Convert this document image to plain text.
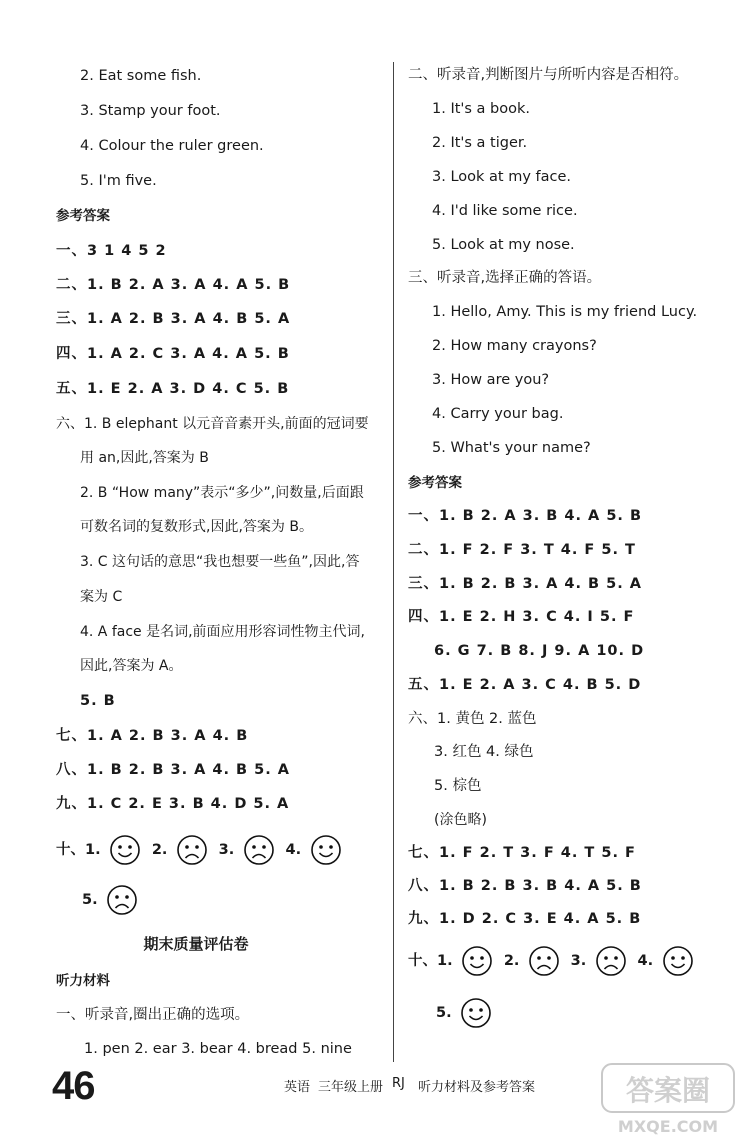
2. Eat some fish.
3. Stamp your foot.
4. Colour the ruler green.
5. I'm five.
参考答案
一、3 1 4 5 2
二、1. B 2. A 3. A 4. A 5. B
三、1. A 2. B 3. A 4. B 5. A
四、1. A 2. C 3. A 4. A 5. B
五、1. E 2. A 3. D 4. C 5. B
六、1. B elephant 以元音音素开头,前面的冠词要
用 an,因此,答案为 B
2. B “How many”表示“多少”,问数量,后面跟
可数名词的复数形式,因此,答案为 B。
3. C 这句话的意思“我也想要一些鱼”,因此,答
案为 C
4. A face 是名词,前面应用形容词性物主代词,
因此,答案为 A。
5. B
七、1. A 2. B 3. A 4. B
八、1. B 2. B 3. A 4. B 5. A
九、1. C 2. E 3. B 4. D 5. A
十、1.	2.	3.	4.
5.
期末质量评估卷
听力材料
一、听录音,圈出正确的选项。
1. pen 2. ear 3. bear 4. bread 5. nine
二、听录音,判断图片与所听内容是否相符。
1. It's a book.
2. It's a tiger.
3. Look at my face.
4. I'd like some rice.
5. Look at my nose.
三、听录音,选择正确的答语。
1. Hello, Amy. This is my friend Lucy.
2. How many crayons?
3. How are you?
4. Carry your bag.
5. What's your name?
参考答案
一、1. B 2. A 3. B 4. A 5. B
二、1. F 2. F 3. T 4. F 5. T
三、1. B 2. B 3. A 4. B 5. A
四、1. E 2. H 3. C 4. I 5. F
6. G 7. B 8. J 9. A 10. D
五、1. E 2. A 3. C 4. B 5. D
六、1. 黄色 2. 蓝色
3. 红色 4. 绿色
5. 棕色
(涂色略)
七、1. F 2. T 3. F 4. T 5. F
八、1. B 2. B 3. B 4. A 5. B
九、1. D 2. C 3. E 4. A 5. B
十、1.	2.	3.	4.
5.
46	英语 三年级上册 RJ 听力材料及参考答案	答案圈
MXQE.COM
